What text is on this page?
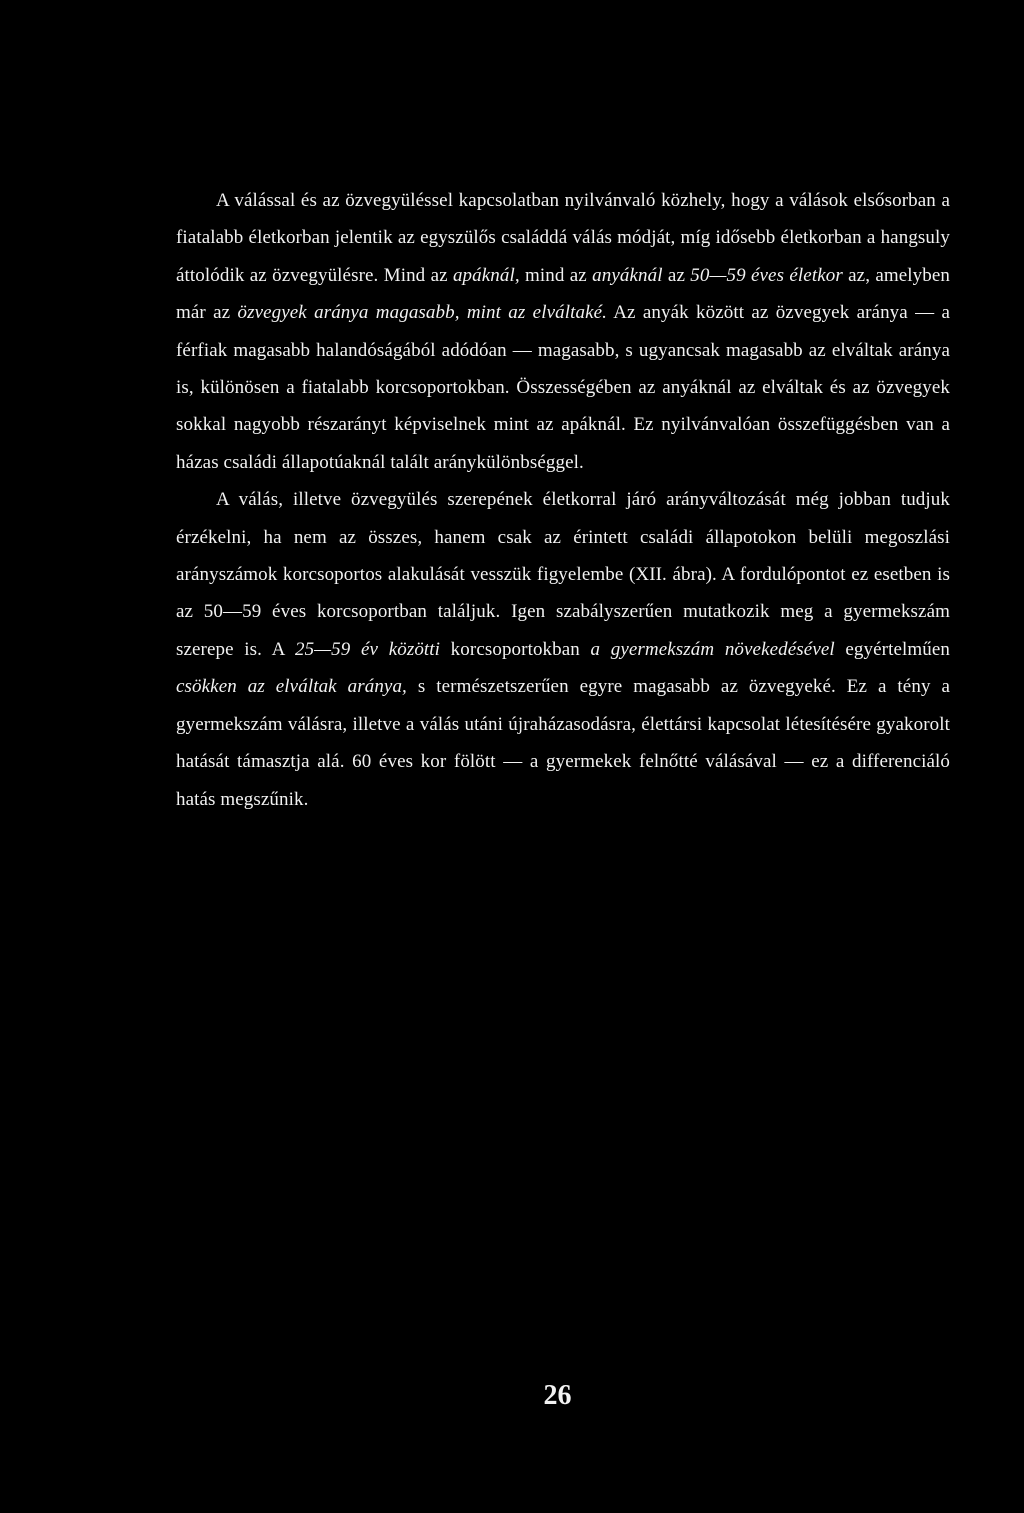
A válással és az özvegyüléssel kapcsolatban nyilvánvaló közhely, hogy a válások elsősorban a fiatalabb életkorban jelentik az egyszülős családdá válás módját, míg idősebb életkorban a hangsuly áttolódik az özvegyülésre. Mind az apáknál, mind az anyáknál az 50—59 éves életkor az, amelyben már az özvegyek aránya magasabb, mint az elváltaké. Az anyák között az özvegyek aránya — a férfiak magasabb halandóságából adódóan — magasabb, s ugyancsak magasabb az elváltak aránya is, különösen a fiatalabb korcsoportokban. Összességében az anyáknál az elváltak és az özvegyek sokkal nagyobb részarányt képviselnek mint az apáknál. Ez nyilvánvalóan összefüggésben van a házas családi állapotúaknál talált aránykülönbséggel.

A válás, illetve özvegyülés szerepének életkorral járó arányváltozását még jobban tudjuk érzékelni, ha nem az összes, hanem csak az érintett családi állapotokon belüli megoszlási arányszámok korcsoportos alakulását vesszük figyelembe (XII. ábra). A fordulópontot ez esetben is az 50—59 éves korcsoportban találjuk. Igen szabályszerűen mutatkozik meg a gyermekszám szerepe is. A 25—59 év közötti korcsoportokban a gyermekszám növekedésével egyértelműen csökken az elváltak aránya, s természetszerűen egyre magasabb az özvegyeké. Ez a tény a gyermekszám válásra, illetve a válás utáni újraházasodásra, élettársi kapcsolat létesítésére gyakorolt hatását támasztja alá. 60 éves kor fölött — a gyermekek felnőtté válásával — ez a differenciáló hatás megszűnik.

26
